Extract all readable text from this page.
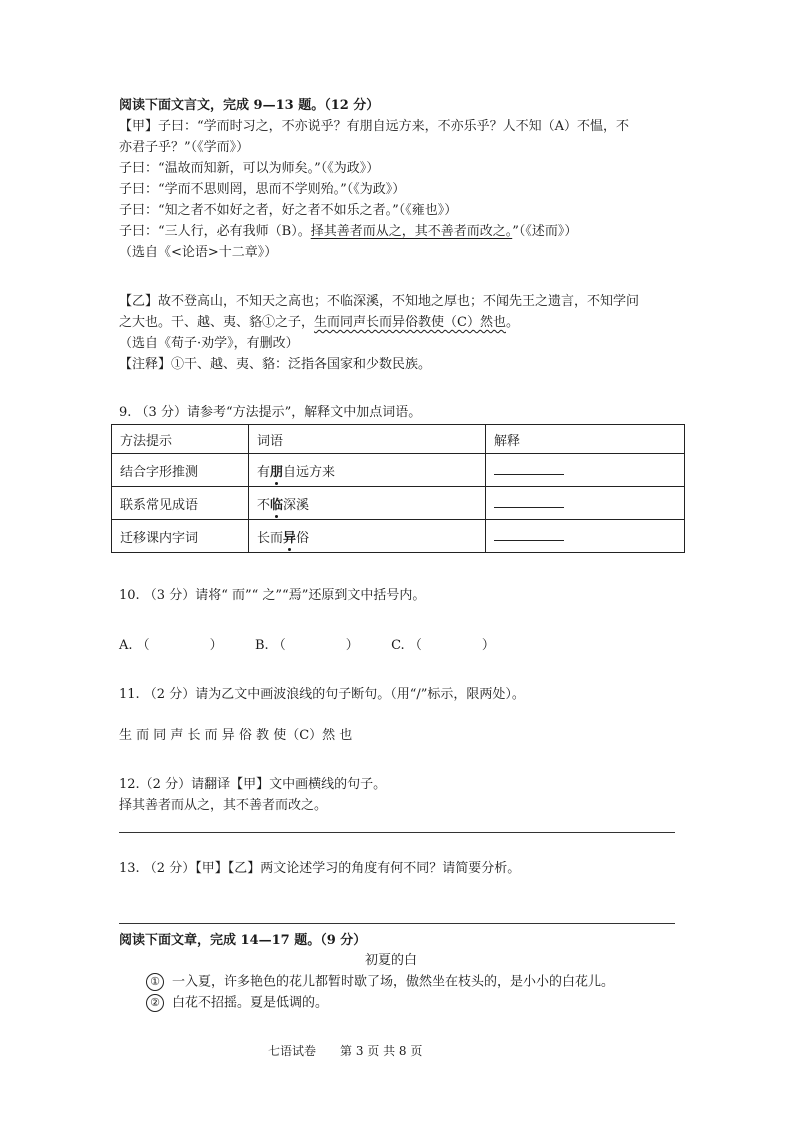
阅读下面文言文，完成 9—13 题。（12 分）
【甲】子曰：“学而时习之，不亦说乎？有朋自远方来，不亦乐乎？人不知（A）不愠，不
亦君子乎？”（《学而》）
子曰：“温故而知新，可以为师矣。”（《为政》）
子曰：“学而不思则罔，思而不学则殆。”（《为政》）
子曰：“知之者不如好之者，好之者不如乐之者。”（《雍也》）
子曰：“三人行，必有我师（B）。择其善者而从之，其不善者而改之。”（《述而》）
（选自《<论语>十二章》）
【乙】故不登高山，不知天之高也；不临深溪，不知地之厚也；不闻先王之遗言，不知学问
之大也。干、越、夷、貉①之子，生而同声长而异俗教使（C）然也。
（选自《荀子·劝学》，有删改）
【注释】①干、越、夷、貉：泛指各国家和少数民族。
9. （3 分）请参考“方法提示”，解释文中加点词语。
方法提示	词语	解释
结合字形推测	有朋自远方来	
联系常见成语	不临深溪	
迁移课内字词	长而异俗	
10. （3 分）请将“ 而”“ 之”“焉”还原到文中括号内。
A. （	） B. （	） C. （	）
11. （2 分）请为乙文中画波浪线的句子断句。（用“/”标示，限两处）。
生 而 同 声 长 而 异 俗 教 使（C）然 也
12.（2 分）请翻译【甲】文中画横线的句子。
择其善者而从之，其不善者而改之。
13. （2 分）【甲】【乙】两文论述学习的角度有何不同？请简要分析。
阅读下面文章，完成 14—17 题。（9 分）
初夏的白
① 一入夏，许多艳色的花儿都暂时歇了场，傲然坐在枝头的，是小小的白花儿。
② 白花不招摇。夏是低调的。
七语试卷　　第 3 页 共 8 页
